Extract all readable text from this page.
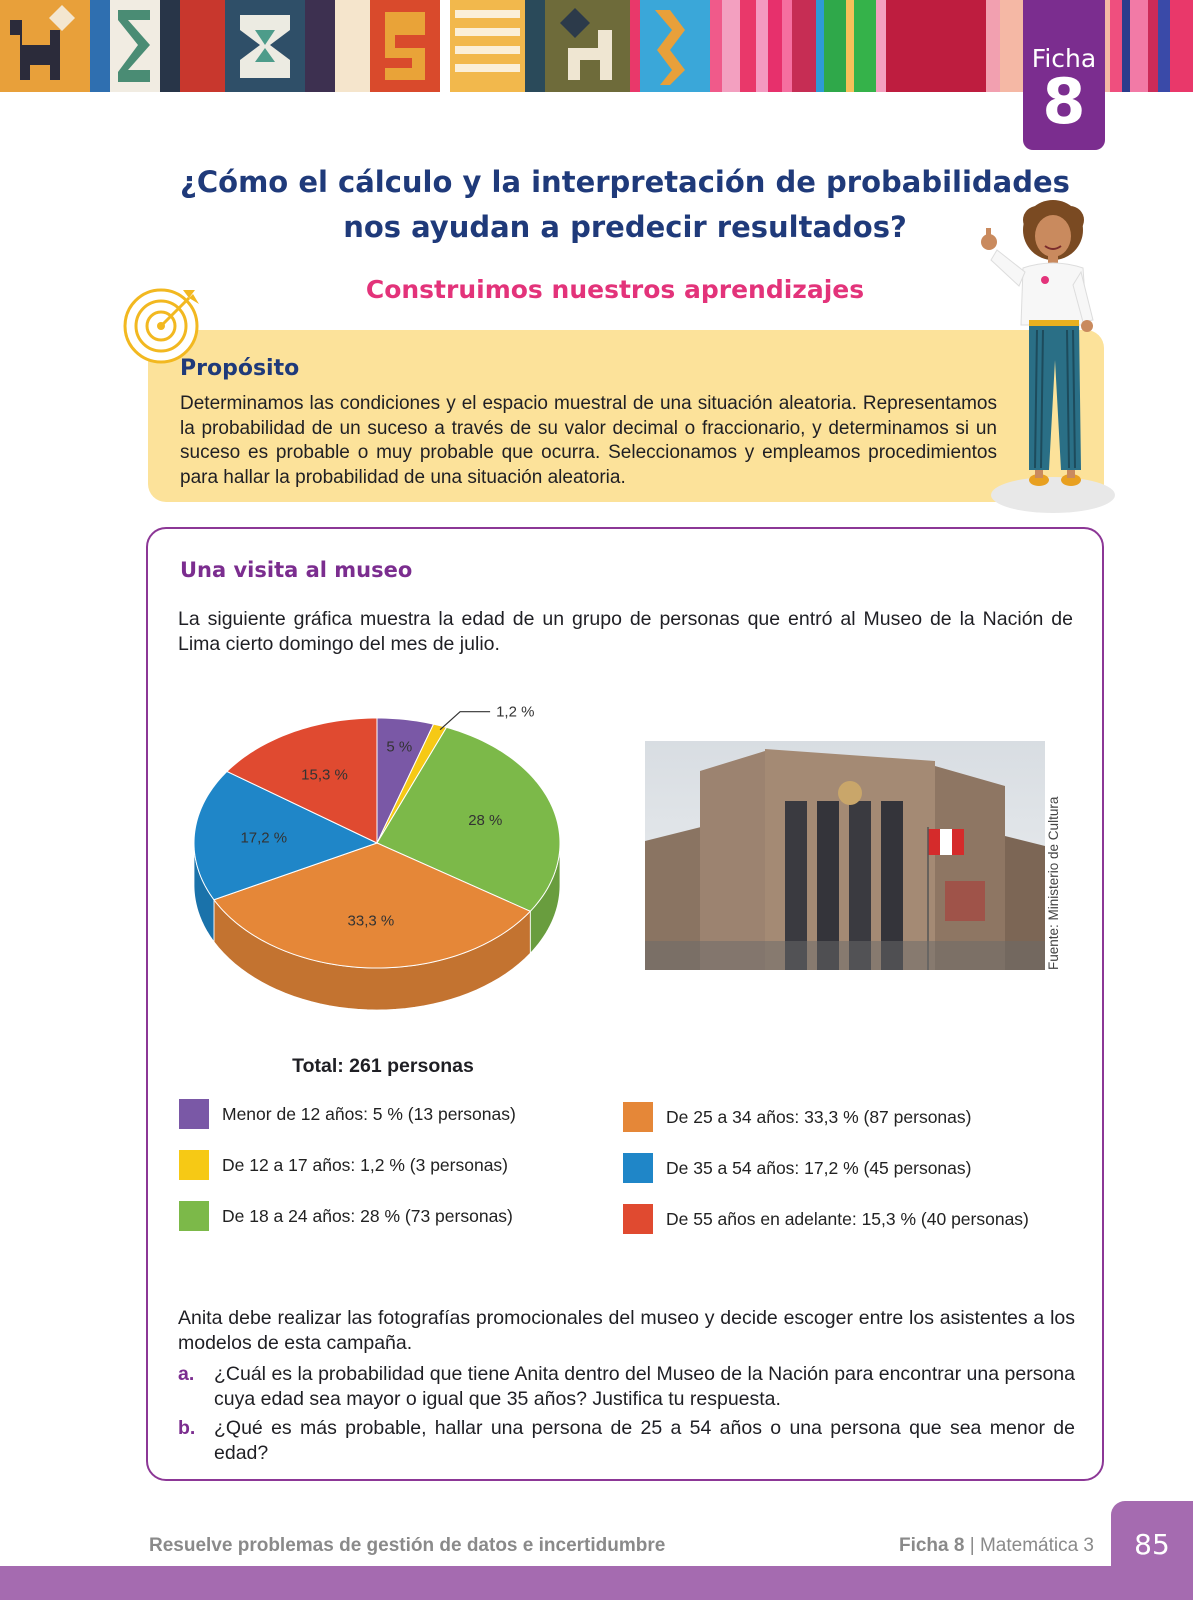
Ficha
8
¿Cómo el cálculo y la interpretación de probabilidades
nos ayudan a predecir resultados?
Construimos nuestros aprendizajes
Propósito

Determinamos las condiciones y el espacio muestral de una situación aleatoria. Representamos la probabilidad de un suceso a través de su valor decimal o fraccionario, y determinamos si un suceso es probable o muy probable que ocurra. Seleccionamos y empleamos procedimientos para hallar la probabilidad de una situación aleatoria.

Una visita al museo

La siguiente gráfica muestra la edad de un grupo de personas que entró al Museo de la Nación de Lima cierto domingo del mes de julio.

5 %
1,2 %
28 %
33,3 %
17,2 %
15,3 %
Total: 261 personas
Fuente: Ministerio de Cultura
Menor de 12 años: 5 % (13 personas)
De 12 a 17 años: 1,2 % (3 personas)
De 18 a 24 años: 28 % (73 personas)
De 25 a 34 años: 33,3 % (87 personas)
De 35 a 54 años: 17,2 % (45 personas)
De 55 años en adelante: 15,3 % (40 personas)

Anita debe realizar las fotografías promocionales del museo y decide escoger entre los asistentes a los modelos de esta campaña.

a.	¿Cuál es la probabilidad que tiene Anita dentro del Museo de la Nación para encontrar una persona cuya edad sea mayor o igual que 35 años? Justifica tu respuesta.
b. ¿Qué es más probable, hallar una persona de 25 a 54 años o una persona que sea menor de edad?
Resuelve problemas de gestión de datos e incertidumbre	Ficha 8 | Matemática 3	85
